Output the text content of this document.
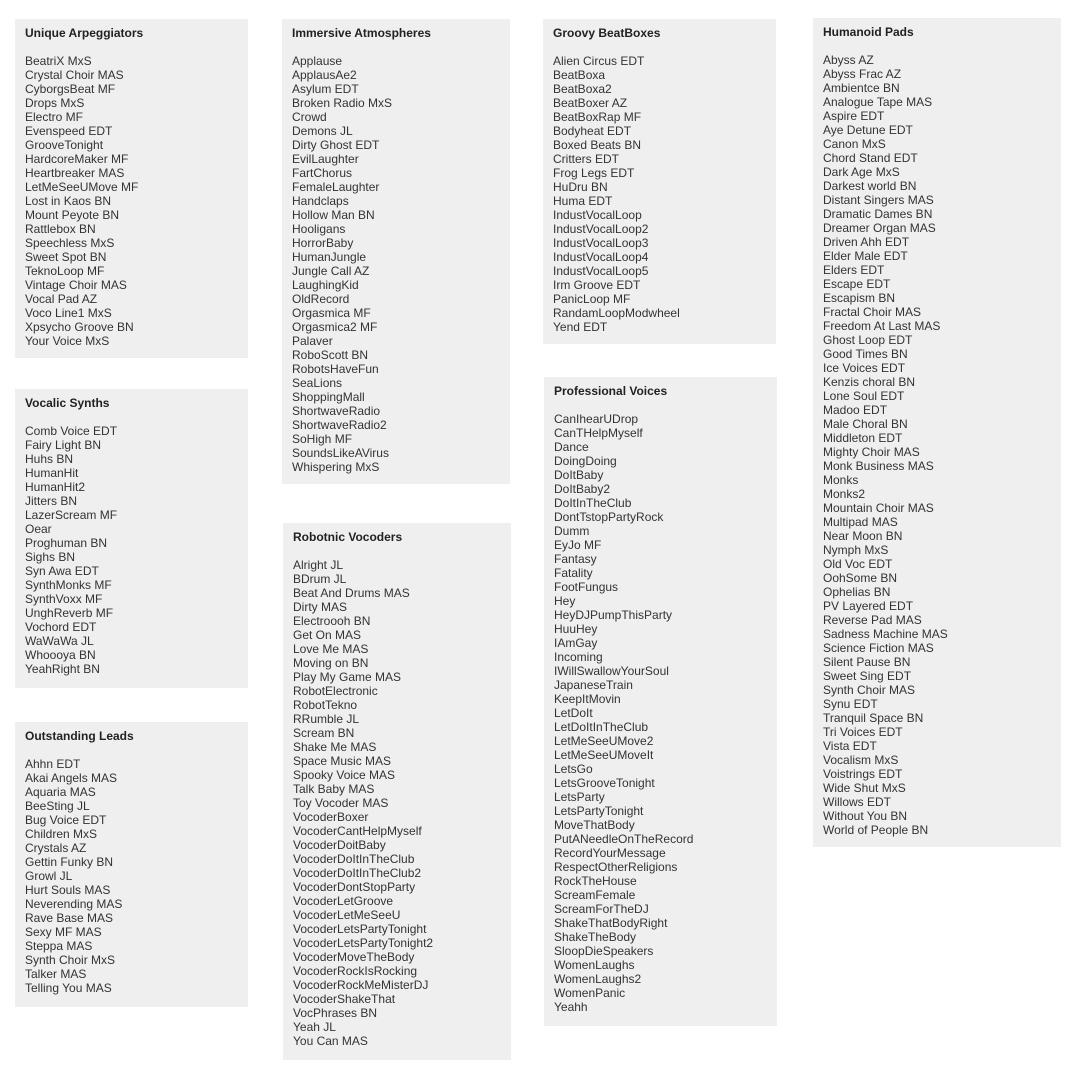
Unique Arpeggiators
BeatriX MxS
Crystal Choir MAS
CyborgsBeat MF
Drops MxS
Electro MF
Evenspeed EDT
GrooveTonight
HardcoreMaker MF
Heartbreaker MAS
LetMeSeeUMove MF
Lost in Kaos BN
Mount Peyote BN
Rattlebox BN
Speechless MxS
Sweet Spot BN
TeknoLoop MF
Vintage Choir MAS
Vocal Pad AZ
Voco Line1 MxS
Xpsycho Groove BN
Your Voice MxS
Vocalic Synths
Comb Voice EDT
Fairy Light BN
Huhs BN
HumanHit
HumanHit2
Jitters BN
LazerScream MF
Oear
Proghuman BN
Sighs BN
Syn Awa EDT
SynthMonks MF
SynthVoxx MF
UnghReverb MF
Vochord EDT
WaWaWa JL
Whoooya BN
YeahRight BN
Outstanding Leads
Ahhn EDT
Akai Angels MAS
Aquaria MAS
BeeSting JL
Bug Voice EDT
Children MxS
Crystals AZ
Gettin Funky BN
Growl JL
Hurt Souls MAS
Neverending MAS
Rave Base MAS
Sexy MF MAS
Steppa MAS
Synth Choir MxS
Talker MAS
Telling You MAS
Immersive Atmospheres
Applause
ApplausAe2
Asylum EDT
Broken Radio MxS
Crowd
Demons JL
Dirty Ghost EDT
EvilLaughter
FartChorus
FemaleLaughter
Handclaps
Hollow Man BN
Hooligans
HorrorBaby
HumanJungle
Jungle Call AZ
LaughingKid
OldRecord
Orgasmica MF
Orgasmica2 MF
Palaver
RoboScott BN
RobotsHaveFun
SeaLions
ShoppingMall
ShortwaveRadio
ShortwaveRadio2
SoHigh MF
SoundsLikeAVirus
Whispering MxS
Robotnic Vocoders
Alright JL
BDrum JL
Beat And Drums MAS
Dirty MAS
Electroooh BN
Get On MAS
Love Me MAS
Moving on BN
Play My Game MAS
RobotElectronic
RobotTekno
RRumble JL
Scream BN
Shake Me MAS
Space Music MAS
Spooky Voice MAS
Talk Baby MAS
Toy Vocoder MAS
VocoderBoxer
VocoderCantHelpMyself
VocoderDoitBaby
VocoderDoItInTheClub
VocoderDoItInTheClub2
VocoderDontStopParty
VocoderLetGroove
VocoderLetMeSeeU
VocoderLetsPartyTonight
VocoderLetsPartyTonight2
VocoderMoveTheBody
VocoderRockIsRocking
VocoderRockMeMisterDJ
VocoderShakeThat
VocPhrases BN
Yeah JL
You Can MAS
Groovy BeatBoxes
Alien Circus EDT
BeatBoxa
BeatBoxa2
BeatBoxer AZ
BeatBoxRap MF
Bodyheat EDT
Boxed Beats BN
Critters EDT
Frog Legs EDT
HuDru BN
Huma EDT
IndustVocalLoop
IndustVocalLoop2
IndustVocalLoop3
IndustVocalLoop4
IndustVocalLoop5
Irm Groove EDT
PanicLoop MF
RandamLoopModwheel
Yend EDT
Professional Voices
CanIhearUDrop
CanTHelpMyself
Dance
DoingDoing
DoItBaby
DoItBaby2
DoItInTheClub
DontTstopPartyRock
Dumm
EyJo MF
Fantasy
Fatality
FootFungus
Hey
HeyDJPumpThisParty
HuuHey
IAmGay
Incoming
IWillSwallowYourSoul
JapaneseTrain
KeepItMovin
LetDoIt
LetDoItInTheClub
LetMeSeeUMove2
LetMeSeeUMoveIt
LetsGo
LetsGrooveTonight
LetsParty
LetsPartyTonight
MoveThatBody
PutANeedleOnTheRecord
RecordYourMessage
RespectOtherReligions
RockTheHouse
ScreamFemale
ScreamForTheDJ
ShakeThatBodyRight
ShakeTheBody
SloopDieSpeakers
WomenLaughs
WomenLaughs2
WomenPanic
Yeahh
Humanoid Pads
Abyss AZ
Abyss Frac AZ
Ambientce BN
Analogue Tape MAS
Aspire EDT
Aye Detune EDT
Canon MxS
Chord Stand EDT
Dark Age MxS
Darkest world BN
Distant Singers MAS
Dramatic Dames BN
Dreamer Organ MAS
Driven Ahh EDT
Elder Male EDT
Elders EDT
Escape EDT
Escapism BN
Fractal Choir MAS
Freedom At Last MAS
Ghost Loop EDT
Good Times BN
Ice Voices EDT
Kenzis choral BN
Lone Soul EDT
Madoo EDT
Male Choral BN
Middleton EDT
Mighty Choir MAS
Monk Business MAS
Monks
Monks2
Mountain Choir MAS
Multipad MAS
Near Moon BN
Nymph MxS
Old Voc EDT
OohSome BN
Ophelias BN
PV Layered EDT
Reverse Pad MAS
Sadness Machine MAS
Science Fiction MAS
Silent Pause BN
Sweet Sing EDT
Synth Choir MAS
Synu EDT
Tranquil Space BN
Tri Voices EDT
Vista EDT
Vocalism MxS
Voistrings EDT
Wide Shut MxS
Willows EDT
Without You BN
World of People BN
